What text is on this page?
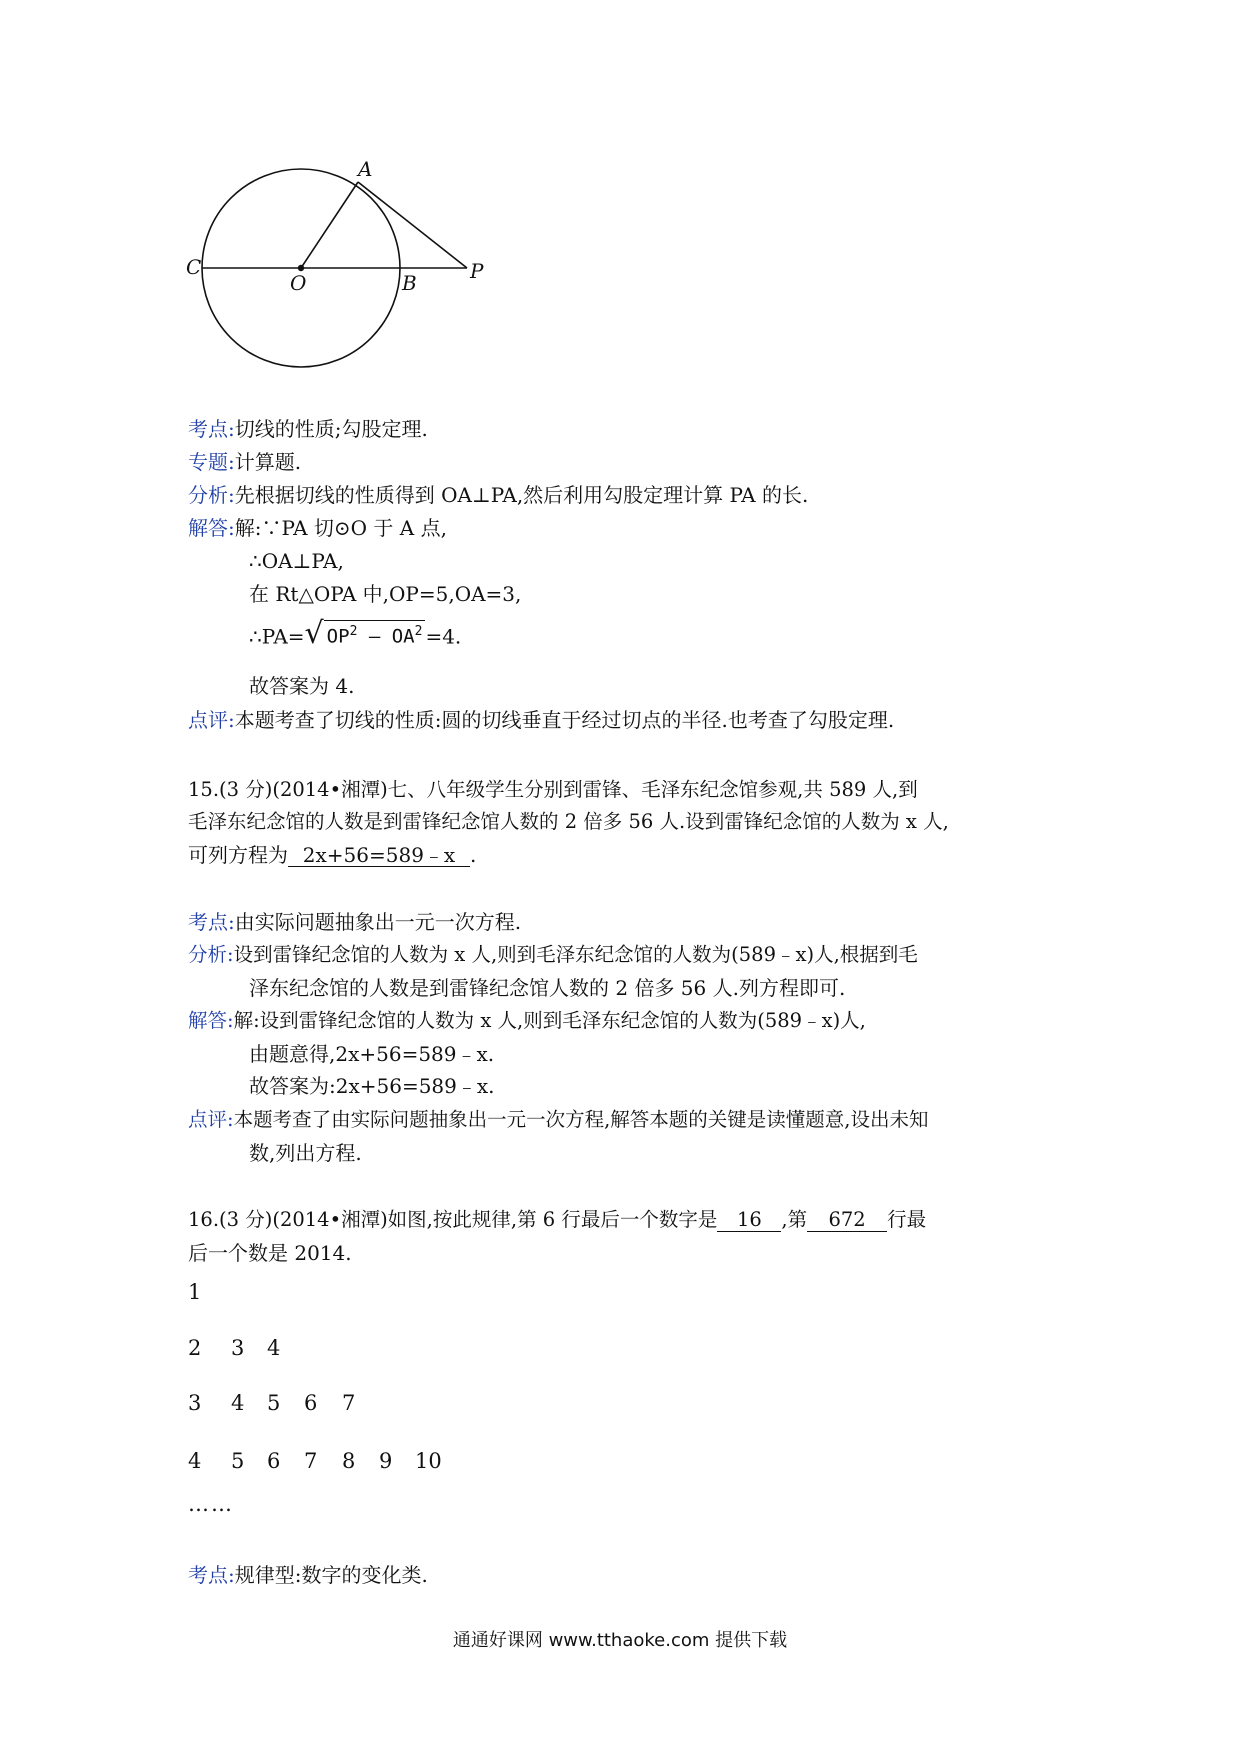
A
C
O	B	P
考点:切线的性质;勾股定理.
专题:计算题.
分析:先根据切线的性质得到 OA⊥PA,然后利用勾股定理计算 PA 的长.
解答:解:∵PA 切⊙O 于 A 点,
∴OA⊥PA,
在 Rt△OPA 中,OP=5,OA=3,
∴PA= √ $OP^2 - OA^2 =4$.
故答案为 4.
点评:本题考查了切线的性质:圆的切线垂直于经过切点的半径.也考查了勾股定理.
15.(3 分)(2014•湘潭)七、八年级学生分别到雷锋、毛泽东纪念馆参观,共 589 人,到
毛泽东纪念馆的人数是到雷锋纪念馆人数的 2 倍多 56 人.设到雷锋纪念馆的人数为 x 人,
可列方程为 2x+56=589﹣x .
考点:由实际问题抽象出一元一次方程.
分析:设到雷锋纪念馆的人数为 x 人,则到毛泽东纪念馆的人数为(589﹣x)人,根据到毛
泽东纪念馆的人数是到雷锋纪念馆人数的 2 倍多 56 人.列方程即可.
解答:解:设到雷锋纪念馆的人数为 x 人,则到毛泽东纪念馆的人数为(589﹣x)人,
由题意得,2x+56=589﹣x.
故答案为:2x+56=589﹣x.
点评:本题考查了由实际问题抽象出一元一次方程,解答本题的关键是读懂题意,设出未知
数,列出方程.
16.(3 分)(2014•湘潭)如图,按此规律,第 6 行最后一个数字是 16 ,第 672 行最
后一个数是 2014.
1
2 3 4
3 4 5 6 7
4 5 6 7 8 9 10
……
考点:规律型:数字的变化类.
通通好课网 www.tthaoke.com 提供下载
